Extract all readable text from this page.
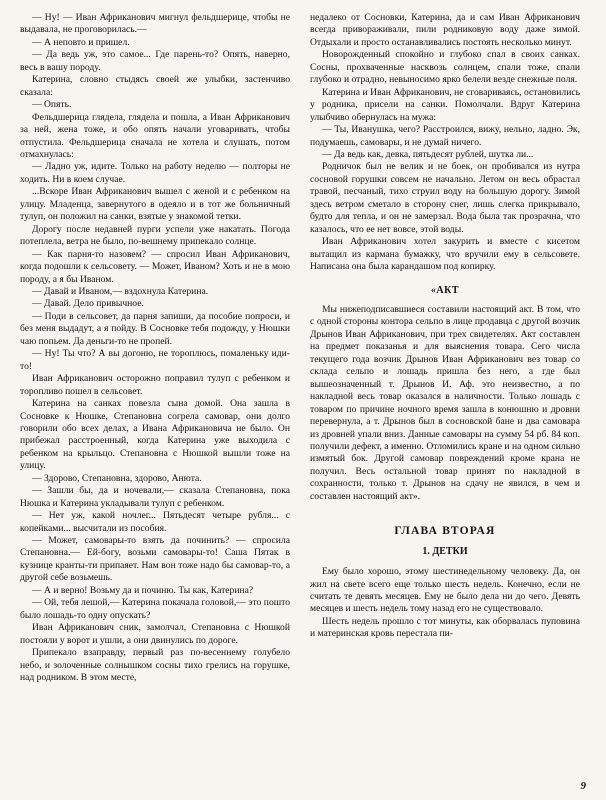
— Ну! — Иван Африканович мигнул фельдшерице, чтобы не выдавала, не проговорилась.—

— А неповто и пришел.

— Да ведь уж, это самое... Где парень-то? Опять, наверно, весь в вашу породу.

Катерина, словно стыдясь своей же улыбки, застенчиво сказала:

— Опять.

Фельдшерица глядела, глядела и пошла, а Иван Африканович за ней, жена тоже, и обо опять начали уговаривать, чтобы отпустила. Фельдшерица сначала не хотела и слушать, потом отмахнулась:

— Ладно уж, идите. Только на работу неделю — полторы не ходить. Ни в коем случае.

...Вскоре Иван Африканович вышел с женой и с ребенком на улицу. Младенца, завернутого в одеяло и в тот же больничный тулуп, он положил на санки, взятые у знакомой тетки.

Дорогу после недавней пурги успели уже накатать. Погода потеплела, ветра не было, по-вешнему припекало солнце.

— Как парня-то назовем? — спросил Иван Африканович, когда подошли к сельсовету. — Может, Иваном? Хоть и не в мою породу, а я бы Иваном.

— Давай и Иваном,— вздохнула Катерина.

— Давай. Дело привычное.

— Поди в сельсовет, да парня запиши, да пособие попроси, и без меня выдадут, а я пойду. В Сосновке тебя подожду, у Нюшки чаю попьем. Да деньги-то не пропей.

— Ну! Ты что? А вы догоню, не тороплюсь, помаленьку иди-то!

Иван Африканович осторожно поправил тулуп с ребенком и торопливо пошел в сельсовет.

Катерина на санках повезла сына домой. Она зашла в Сосновке к Нюшке, Степановна согрела самовар, они долго говорили обо всех делах, а Ивана Африкановича не было. Он прибежал расстроенный, когда Катерина уже выходила с ребенком на крыльцо. Степановна с Нюшкой вышли тоже на улицу.

— Здорово, Степановна, здорово, Анюта.

— Зашли бы, да и ночевали,— сказала Степановна, пока Нюшка и Катерина укладывали тулуп с ребенком.

— Нет уж, какой ночлег... Пятьдесят четыре рубля... с копейками... высчитали из пособия.

— Может, самовары-то взять да починить? — спросила Степановна.— Ей-богу, возьми самовары-то! Саша Пятак в кузнице кранты-ти припаяет. Нам вон тоже надо бы самовар-то, а другой себе возьмешь.

— А и верно! Возьму да и починю. Ты как, Катерина?

— Ой, тебя лешой,— Катерина покачала головой,— это пошто было лошадь-то одну опускать?

Иван Африканович сник, замолчал, Степановна с Нюшкой постояли у ворот и ушли, а они двинулись по дороге.

Припекало взаправду, первый раз по-весеннему голубело небо, и золоченные солнышком сосны тихо грелись на горушке, над родником. В этом месте,

недалеко от Сосновки, Катерина, да и сам Иван Африканович всегда привораживали, пили родниковую воду даже зимой. Отдыхали и просто останавливались постоять несколько минут.

Новорожденный спокойно и глубоко спал в своих санках. Сосны, прохваченные насквозь солнцем, спали тоже, спали глубоко и отрадно, невыносимо ярко белели везде снежные поля.

Катерина и Иван Африканович, не сговариваясь, остановились у родника, присели на санки. Помолчали. Вдруг Катерина улыбчиво обернулась на мужа:

— Ты, Иванушка, чего? Расстроился, вижу, нельно, ладно. Эк, подумаешь, самовары, и не думай ничего.

— Да ведь как, девка, пятьдесят рублей, шутка ли...

Родничок был не велик и не боек, он пробивался из нутра сосновой горушки совсем не начально. Летом он весь обрастал травой, песчаный, тихо струил воду на большую дорогу. Зимой здесь ветром сметало в сторону снег, лишь слегка прикрывало, будто для тепла, и он не замерзал. Вода была так прозрачна, что казалось, что ее нет вовсе, этой воды.

Иван Африканович хотел закурить и вместе с кисетом вытащил из кармана бумажку, что вручили ему в сельсовете. Написана она была карандашом под копирку.

«АКТ

Мы нижеподписавшиеся составили настоящий акт. В том, что с одной стороны контора сельпо в лице продавца с другой возчик Дрынов Иван Африканович, при трех свидетелях. Акт составлен на предмет показанья и для выяснения товара. Сего числа текущего года возчик Дрынов Иван Африканович вез товар со склада сельпо и лошадь пришла без него, а где был вышеозначенный т. Дрынов И. Аф. это неизвестно, а по накладной весь товар оказался в наличности. Только лошадь с товаром по причине ночного время зашла в конюшню и дровни перевернула, а т. Дрынов был в сосновской бане и два самовара из дровней упали вниз. Данные самовары на сумму 54 рб. 84 коп. получили дефект, а именно. Отломились кране и на одном сильно измятый бок. Другой самовар повреждений кроме крана не получил. Весь остальной товар принят по накладной в сохранности, только т. Дрынов на сдачу не явился, в чем и составлен настоящий акт».

ГЛАВА ВТОРАЯ
1. ДЕТКИ

Ему было хорошо, этому шестинедельному человеку. Да, он жил на свете всего еще только шесть недель. Конечно, если не считать те девять месяцев. Ему не было дела ни до чего. Девять месяцев и шесть недель тому назад его не существовало.

Шесть недель прошло с тот минуты, как оборвалась пуповина и материнская кровь перестала пи-

9
